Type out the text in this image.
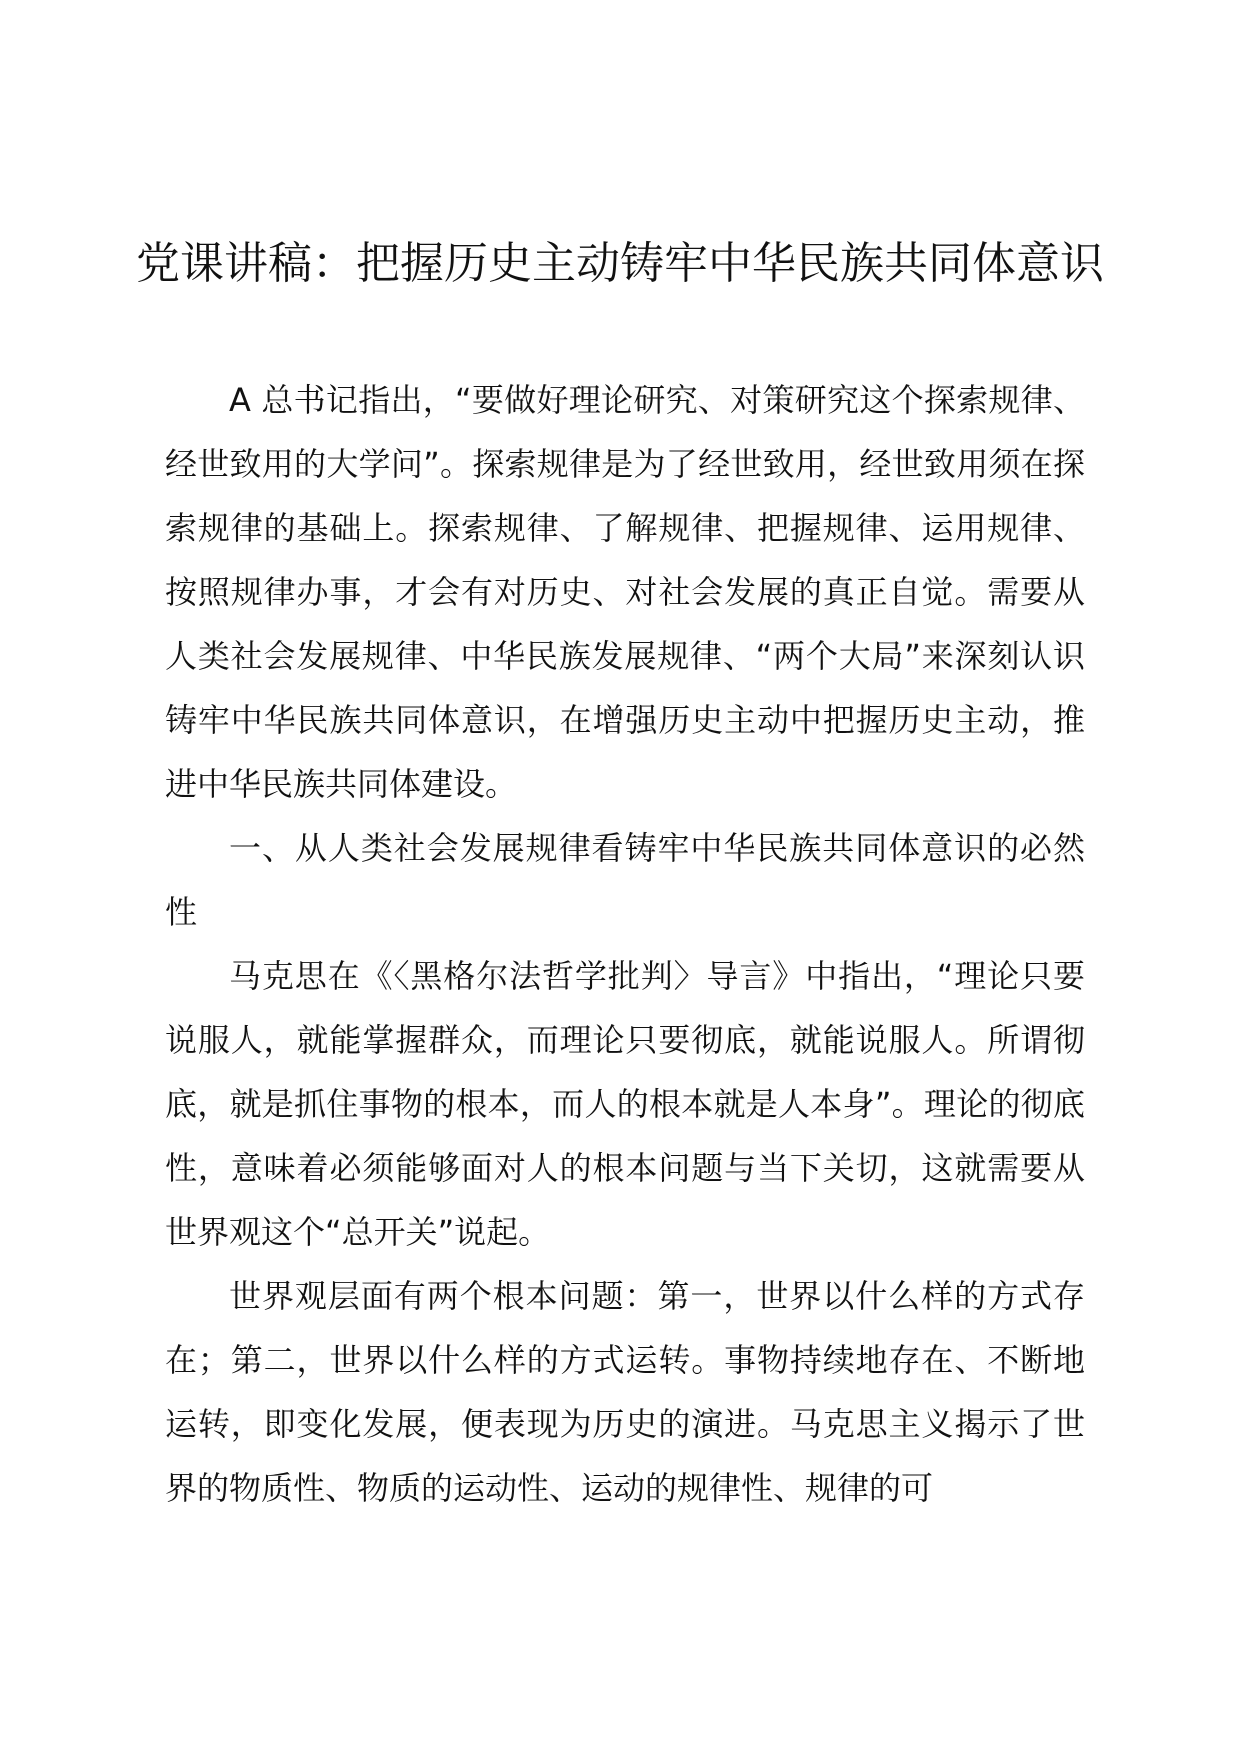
党课讲稿：把握历史主动铸牢中华民族共同体意识

A 总书记指出，“要做好理论研究、对策研究这个探索规律、经世致用的大学问”。探索规律是为了经世致用，经世致用须在探索规律的基础上。探索规律、了解规律、把握规律、运用规律、按照规律办事，才会有对历史、对社会发展的真正自觉。需要从人类社会发展规律、中华民族发展规律、“两个大局”来深刻认识铸牢中华民族共同体意识，在增强历史主动中把握历史主动，推进中华民族共同体建设。

一、从人类社会发展规律看铸牢中华民族共同体意识的必然性

马克思在《〈黑格尔法哲学批判〉导言》中指出，“理论只要说服人，就能掌握群众，而理论只要彻底，就能说服人。所谓彻底，就是抓住事物的根本，而人的根本就是人本身”。理论的彻底性，意味着必须能够面对人的根本问题与当下关切，这就需要从世界观这个“总开关”说起。

世界观层面有两个根本问题：第一，世界以什么样的方式存在；第二，世界以什么样的方式运转。事物持续地存在、不断地运转，即变化发展，便表现为历史的演进。马克思主义揭示了世界的物质性、物质的运动性、运动的规律性、规律的可
